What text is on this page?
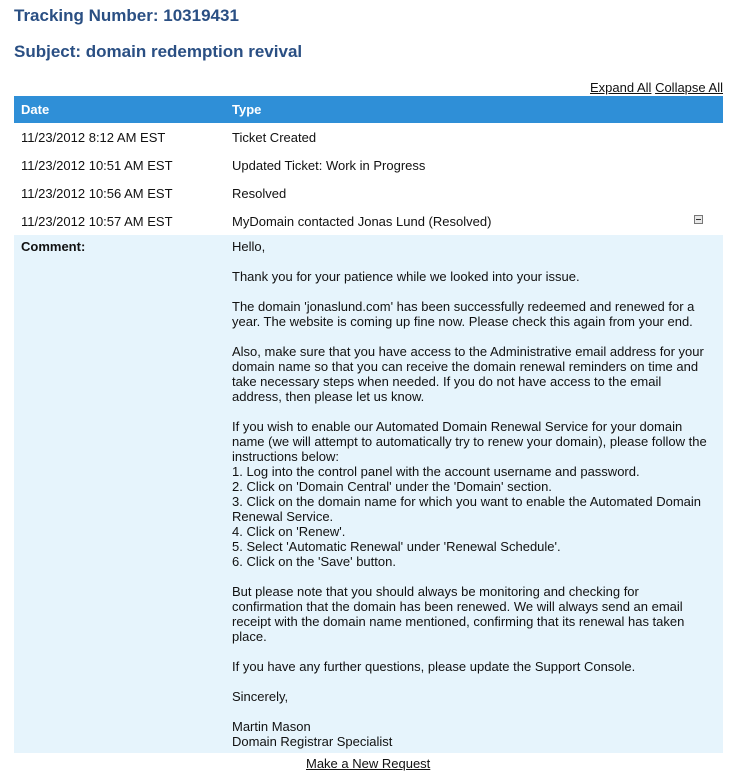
Tracking Number: 10319431
Subject: domain redemption revival
Expand All Collapse All
Date	Type
11/23/2012 8:12 AM EST	Ticket Created
11/23/2012 10:51 AM EST	Updated Ticket: Work in Progress
11/23/2012 10:56 AM EST	Resolved
11/23/2012 10:57 AM EST	MyDomain contacted Jonas Lund (Resolved)
Comment:	Hello,

Thank you for your patience while we looked into your issue.

The domain 'jonaslund.com' has been successfully redeemed and renewed for a year. The website is coming up fine now. Please check this again from your end.

Also, make sure that you have access to the Administrative email address for your domain name so that you can receive the domain renewal reminders on time and take necessary steps when needed. If you do not have access to the email address, then please let us know.

If you wish to enable our Automated Domain Renewal Service for your domain name (we will attempt to automatically try to renew your domain), please follow the instructions below:
1. Log into the control panel with the account username and password.
2. Click on 'Domain Central' under the 'Domain' section.
3. Click on the domain name for which you want to enable the Automated Domain Renewal Service.
4. Click on 'Renew'.
5. Select 'Automatic Renewal' under 'Renewal Schedule'.
6. Click on the 'Save' button.

But please note that you should always be monitoring and checking for confirmation that the domain has been renewed. We will always send an email receipt with the domain name mentioned, confirming that its renewal has taken place.

If you have any further questions, please update the Support Console.

Sincerely,

Martin Mason
Domain Registrar Specialist

Make a New Request
